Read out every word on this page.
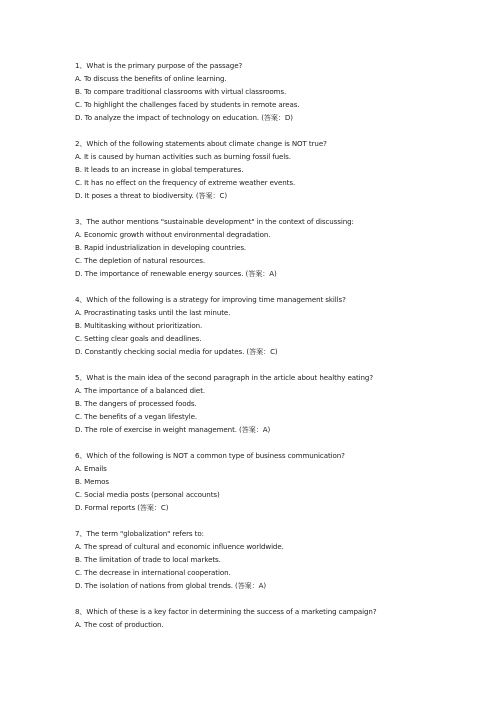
1、What is the primary purpose of the passage?
A. To discuss the benefits of online learning.
B. To compare traditional classrooms with virtual classrooms.
C. To highlight the challenges faced by students in remote areas.
D. To analyze the impact of technology on education. (答案：D)
2、Which of the following statements about climate change is NOT true?
A. It is caused by human activities such as burning fossil fuels.
B. It leads to an increase in global temperatures.
C. It has no effect on the frequency of extreme weather events.
D. It poses a threat to biodiversity. (答案：C)
3、The author mentions "sustainable development" in the context of discussing:
A. Economic growth without environmental degradation.
B. Rapid industrialization in developing countries.
C. The depletion of natural resources.
D. The importance of renewable energy sources. (答案：A)
4、Which of the following is a strategy for improving time management skills?
A. Procrastinating tasks until the last minute.
B. Multitasking without prioritization.
C. Setting clear goals and deadlines.
D. Constantly checking social media for updates. (答案：C)
5、What is the main idea of the second paragraph in the article about healthy eating?
A. The importance of a balanced diet.
B. The dangers of processed foods.
C. The benefits of a vegan lifestyle.
D. The role of exercise in weight management. (答案：A)
6、Which of the following is NOT a common type of business communication?
A. Emails
B. Memos
C. Social media posts (personal accounts)
D. Formal reports (答案：C)
7、The term "globalization" refers to:
A. The spread of cultural and economic influence worldwide.
B. The limitation of trade to local markets.
C. The decrease in international cooperation.
D. The isolation of nations from global trends. (答案：A)
8、Which of these is a key factor in determining the success of a marketing campaign?
A. The cost of production.
